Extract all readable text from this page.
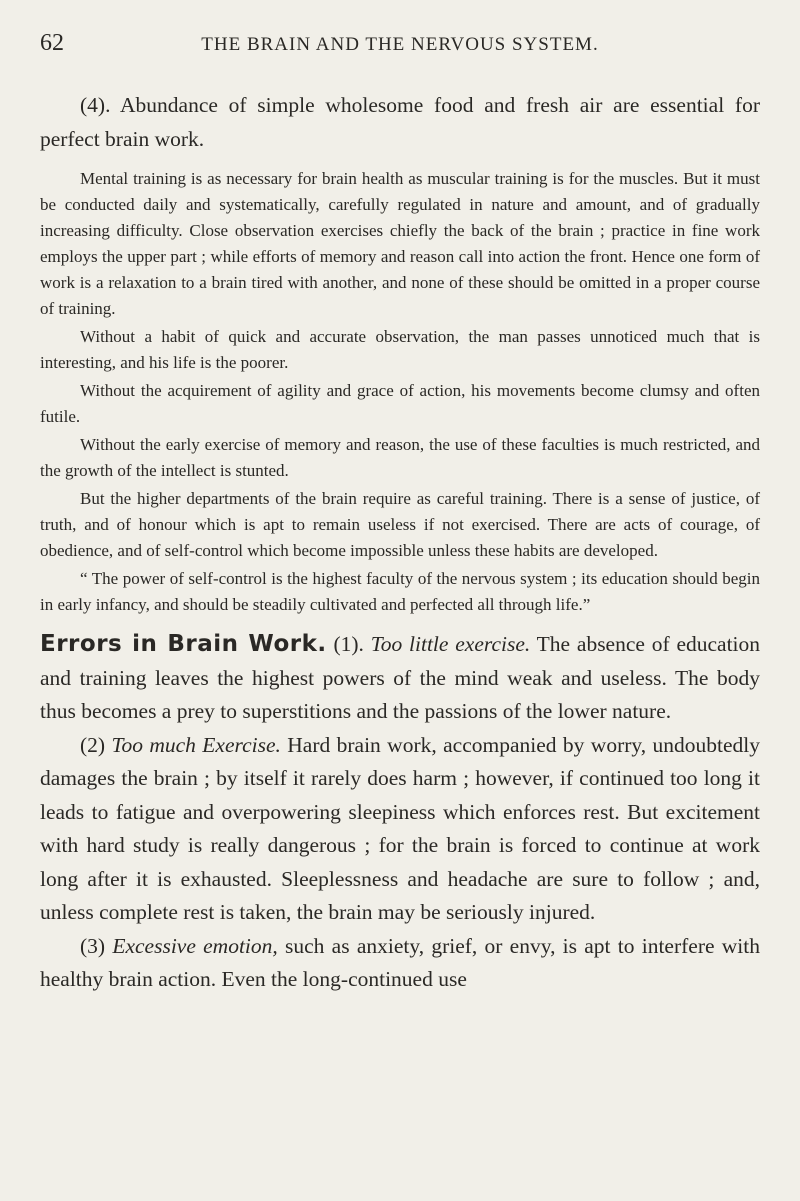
62	THE BRAIN AND THE NERVOUS SYSTEM.

(4). Abundance of simple wholesome food and fresh air are essential for perfect brain work.

Mental training is as necessary for brain health as muscular training is for the muscles. But it must be conducted daily and systematically, carefully regulated in nature and amount, and of gradually increasing difficulty. Close observation exercises chiefly the back of the brain ; practice in fine work employs the upper part ; while efforts of memory and reason call into action the front. Hence one form of work is a relaxation to a brain tired with another, and none of these should be omitted in a proper course of training.

Without a habit of quick and accurate observation, the man passes unnoticed much that is interesting, and his life is the poorer.

Without the acquirement of agility and grace of action, his movements become clumsy and often futile.

Without the early exercise of memory and reason, the use of these faculties is much restricted, and the growth of the intellect is stunted.

But the higher departments of the brain require as careful training. There is a sense of justice, of truth, and of honour which is apt to remain useless if not exercised. There are acts of courage, of obedience, and of self-control which become impossible unless these habits are developed.

“ The power of self-control is the highest faculty of the nervous system ; its education should begin in early infancy, and should be steadily cultivated and perfected all through life.”

Errors in Brain Work. (1). Too little exercise. The absence of education and training leaves the highest powers of the mind weak and useless. The body thus becomes a prey to superstitions and the passions of the lower nature.

(2) Too much Exercise. Hard brain work, accompanied by worry, undoubtedly damages the brain ; by itself it rarely does harm ; however, if continued too long it leads to fatigue and overpowering sleepiness which enforces rest. But excitement with hard study is really dangerous ; for the brain is forced to continue at work long after it is exhausted. Sleeplessness and headache are sure to follow ; and, unless complete rest is taken, the brain may be seriously injured.

(3) Excessive emotion, such as anxiety, grief, or envy, is apt to interfere with healthy brain action. Even the long-continued use
